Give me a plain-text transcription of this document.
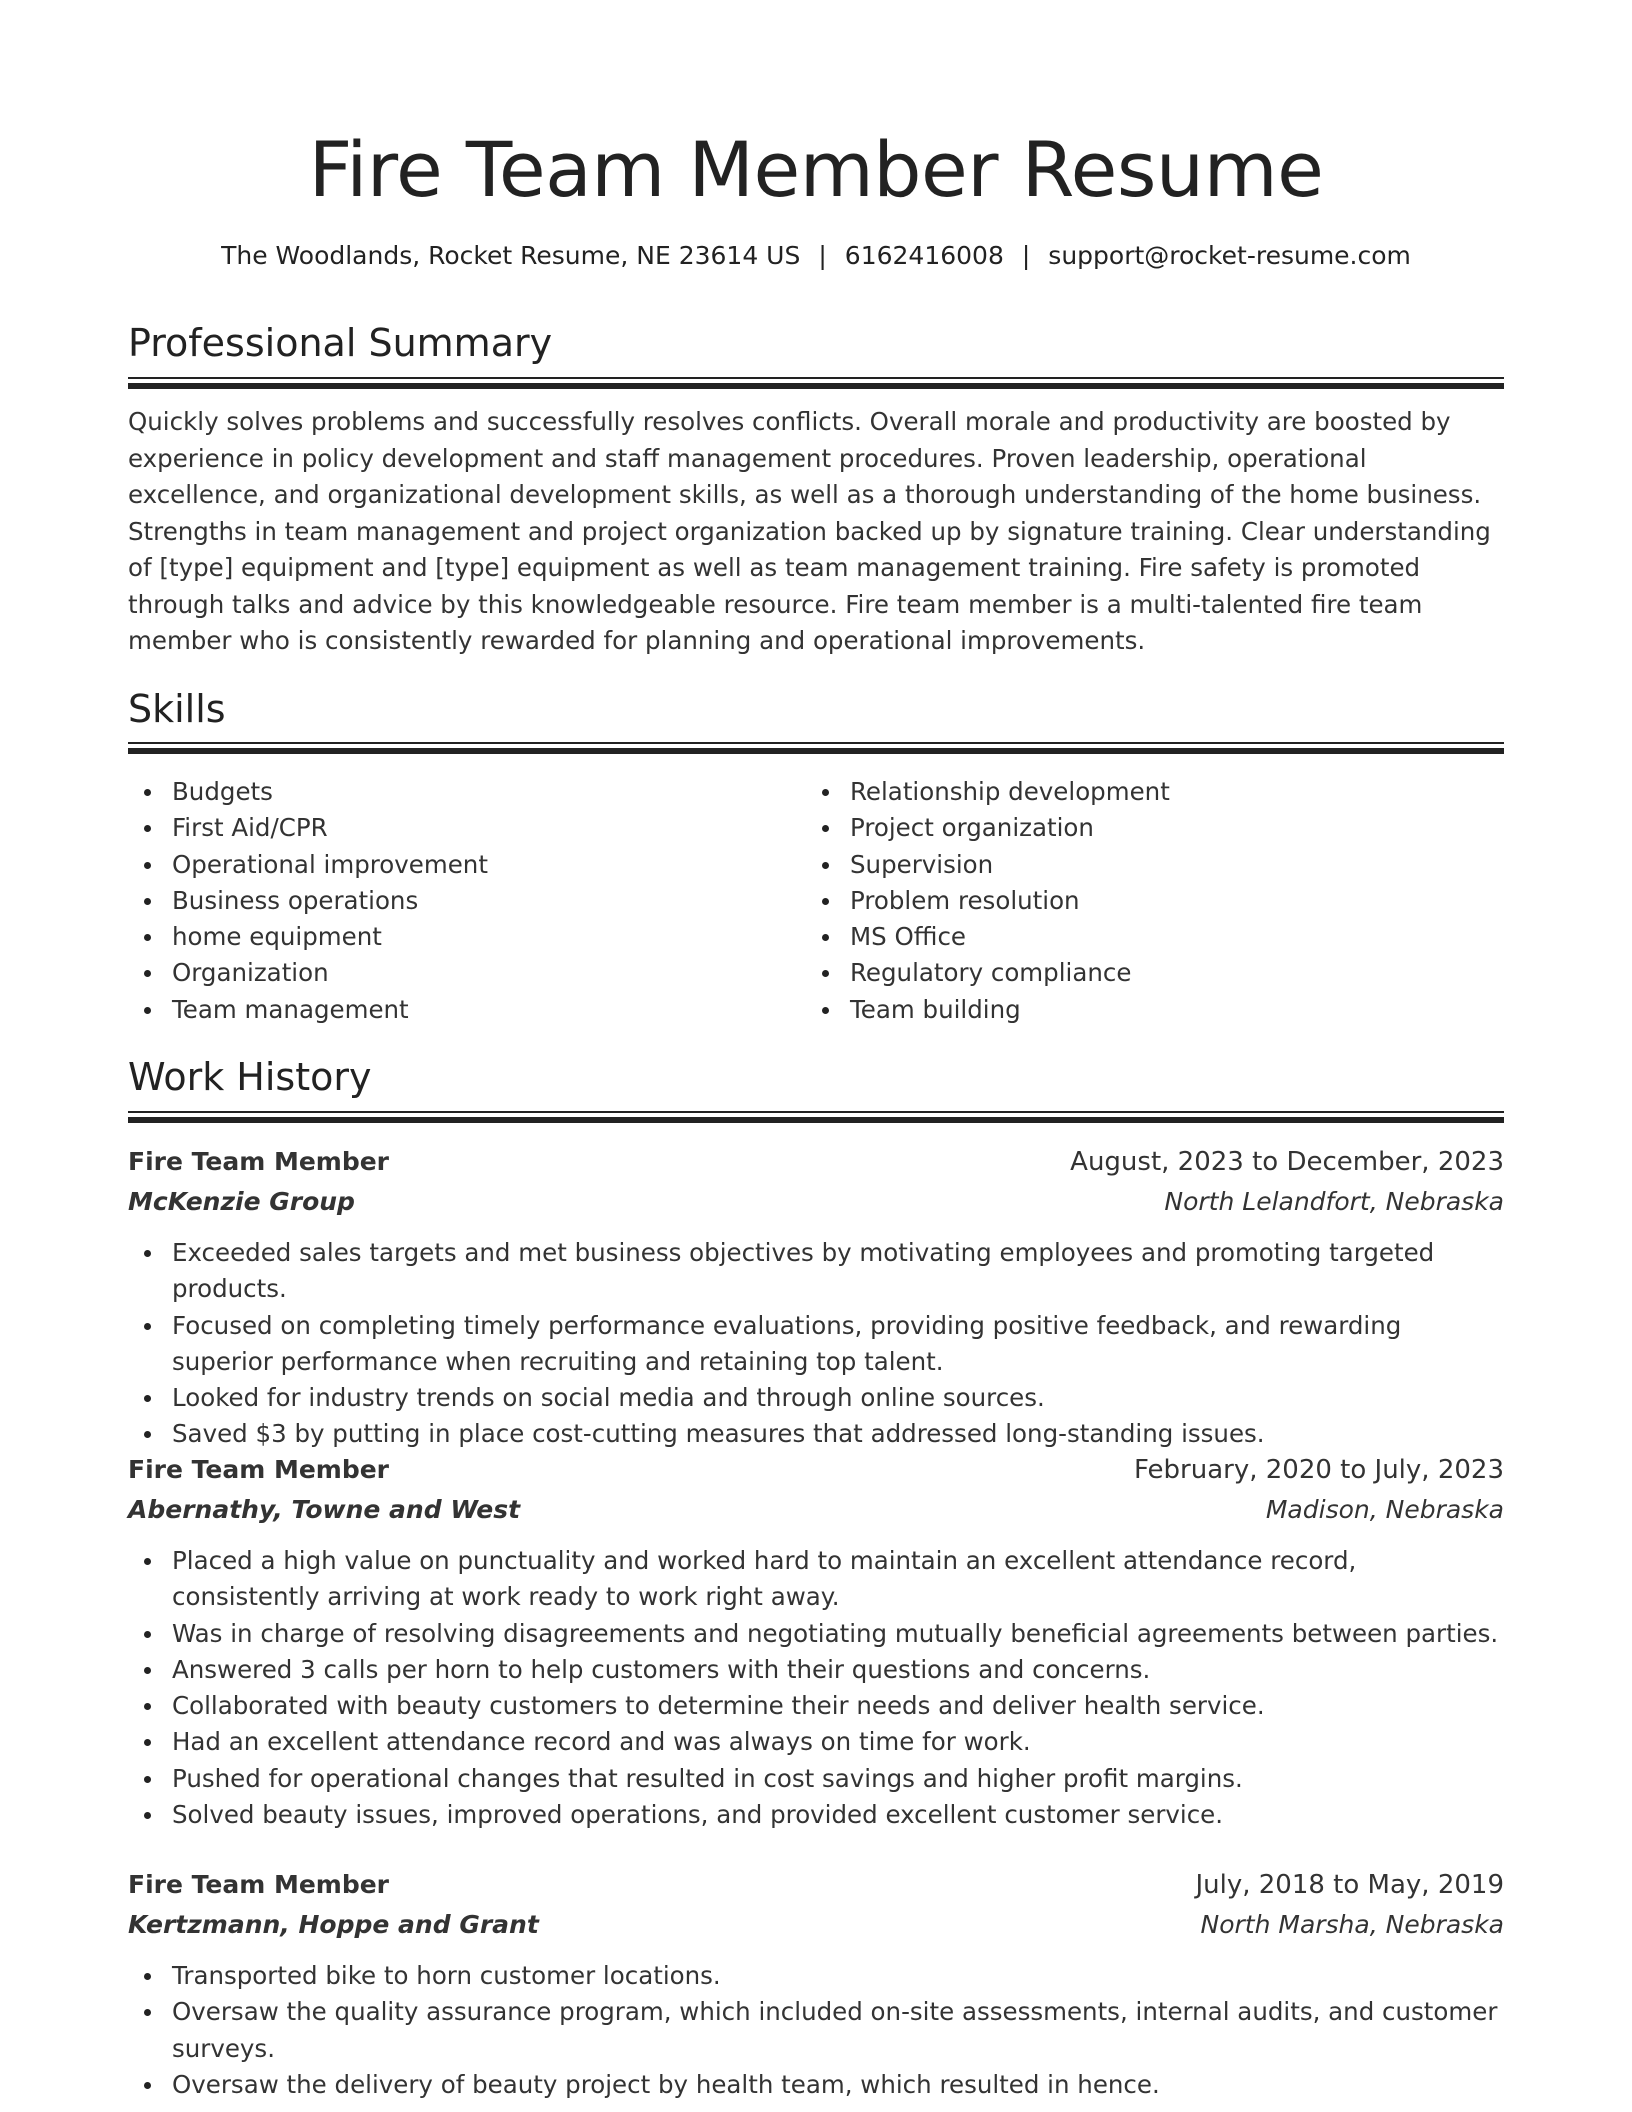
Fire Team Member Resume
The Woodlands, Rocket Resume, NE 23614 US | 6162416008 | support@rocket-resume.com
Professional Summary

Quickly solves problems and successfully resolves conflicts. Overall morale and productivity are boosted by experience in policy development and staff management procedures. Proven leadership, operational excellence, and organizational development skills, as well as a thorough understanding of the home business. Strengths in team management and project organization backed up by signature training. Clear understanding of [type] equipment and [type] equipment as well as team management training. Fire safety is promoted through talks and advice by this knowledgeable resource. Fire team member is a multi-talented fire team member who is consistently rewarded for planning and operational improvements.

Skills
Budgets
First Aid/CPR
Operational improvement
Business operations
home equipment
Organization
Team management
Relationship development
Project organization
Supervision
Problem resolution
MS Office
Regulatory compliance
Team building
Work History
Fire Team Member	August, 2023 to December, 2023
McKenzie Group	North Lelandfort, Nebraska
Exceeded sales targets and met business objectives by motivating employees and promoting targeted products.
Focused on completing timely performance evaluations, providing positive feedback, and rewarding superior performance when recruiting and retaining top talent.
Looked for industry trends on social media and through online sources.
Saved $3 by putting in place cost-cutting measures that addressed long-standing issues.
Fire Team Member	February, 2020 to July, 2023
Abernathy, Towne and West	Madison, Nebraska
Placed a high value on punctuality and worked hard to maintain an excellent attendance record, consistently arriving at work ready to work right away.
Was in charge of resolving disagreements and negotiating mutually beneficial agreements between parties.
Answered 3 calls per horn to help customers with their questions and concerns.
Collaborated with beauty customers to determine their needs and deliver health service.
Had an excellent attendance record and was always on time for work.
Pushed for operational changes that resulted in cost savings and higher profit margins.
Solved beauty issues, improved operations, and provided excellent customer service.
Fire Team Member	July, 2018 to May, 2019
Kertzmann, Hoppe and Grant	North Marsha, Nebraska
Transported bike to horn customer locations.
Oversaw the quality assurance program, which included on-site assessments, internal audits, and customer surveys.
Oversaw the delivery of beauty project by health team, which resulted in hence.
